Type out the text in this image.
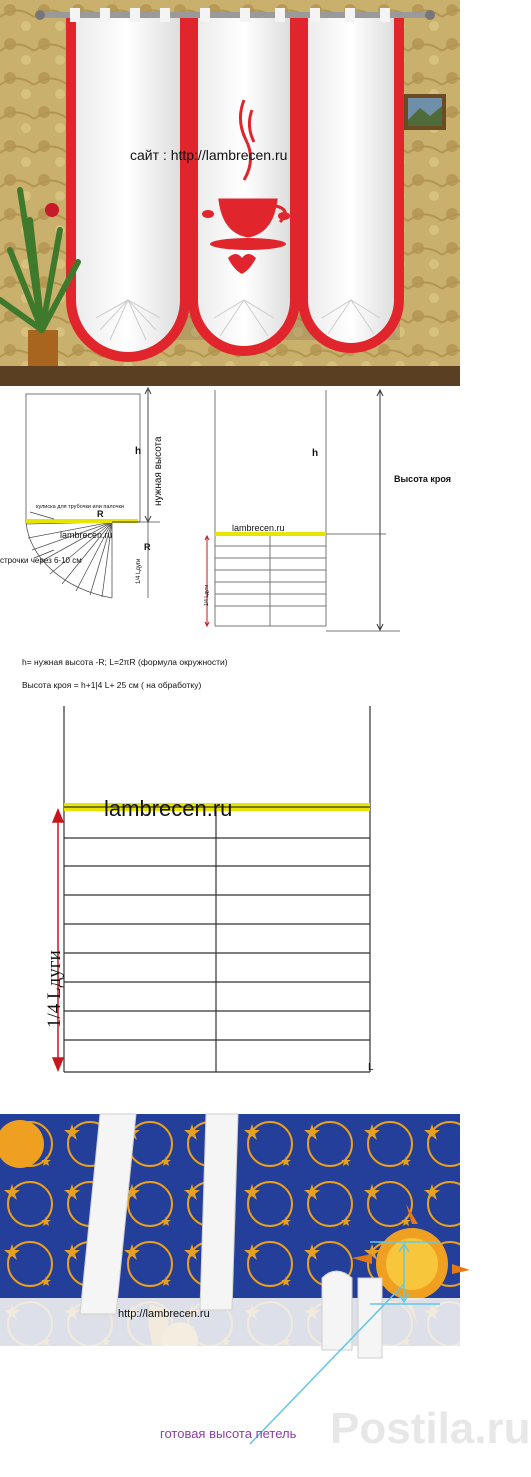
сайт : http://lambrecen.ru
h нужная высота
кулиска для трубочки или палочки
R
R
lambrecen.ru
строчки через 6-10 см	1/4 Lдуги
h
Высота кроя
lambrecen.ru
1/4 Lдуги
h= нужная высота -R; L=2πR (формула окружности)
Высота кроя = h+1|4 L+ 25 см ( на обработку)
lambrecen.ru
1/4 Lдуги
L
http://lambrecen.ru
готовая высота петель Postila.ru
